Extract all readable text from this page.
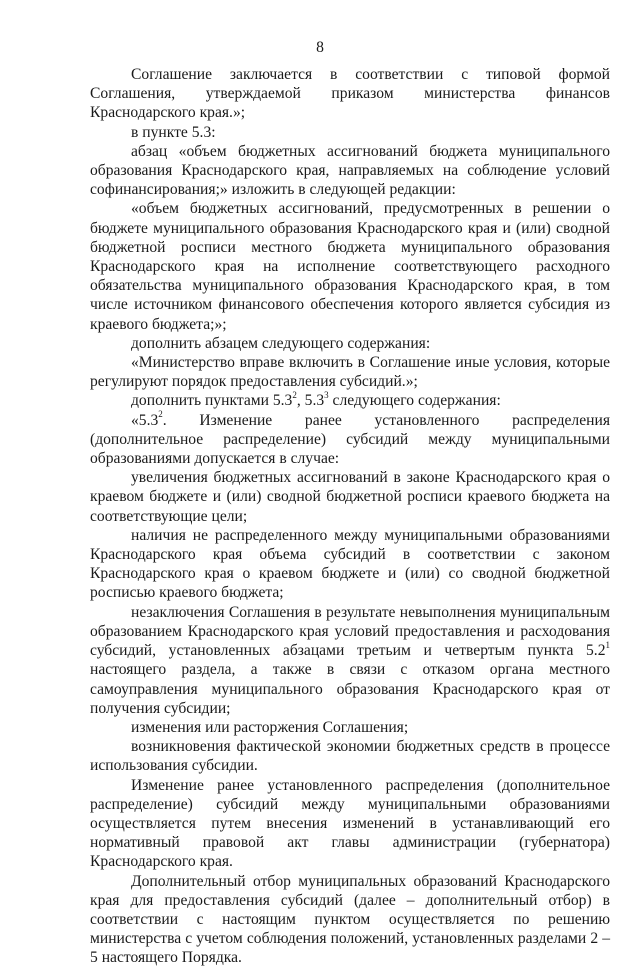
8

Соглашение заключается в соответствии с типовой формой Соглашения, утверждаемой приказом министерства финансов Краснодарского края.»;

в пункте 5.3:

абзац «объем бюджетных ассигнований бюджета муниципального образования Краснодарского края, направляемых на соблюдение условий софинансирования;» изложить в следующей редакции:

«объем бюджетных ассигнований, предусмотренных в решении о бюджете муниципального образования Краснодарского края и (или) сводной бюджетной росписи местного бюджета муниципального образования Краснодарского края на исполнение соответствующего расходного обязательства муниципального образования Краснодарского края, в том числе источником финансового обеспечения которого является субсидия из краевого бюджета;»;

дополнить абзацем следующего содержания:

«Министерство вправе включить в Соглашение иные условия, которые регулируют порядок предоставления субсидий.»;

дополнить пунктами $5.3^2$, $5.3^3$ следующего содержания:

«$5.3^2$. Изменение ранее установленного распределения (дополнительное распределение) субсидий между муниципальными образованиями допускается в случае:

увеличения бюджетных ассигнований в законе Краснодарского края о краевом бюджете и (или) сводной бюджетной росписи краевого бюджета на соответствующие цели;

наличия не распределенного между муниципальными образованиями Краснодарского края объема субсидий в соответствии с законом Краснодарского края о краевом бюджете и (или) со сводной бюджетной росписью краевого бюджета;

незаключения Соглашения в результате невыполнения муниципальным образованием Краснодарского края условий предоставления и расходования субсидий, установленных абзацами третьим и четвертым пункта $5.2^1$ настоящего раздела, а также в связи с отказом органа местного самоуправления муниципального образования Краснодарского края от получения субсидии;

изменения или расторжения Соглашения;

возникновения фактической экономии бюджетных средств в процессе использования субсидии.

Изменение ранее установленного распределения (дополнительное распределение) субсидий между муниципальными образованиями осуществляется путем внесения изменений в устанавливающий его нормативный правовой акт главы администрации (губернатора) Краснодарского края.

Дополнительный отбор муниципальных образований Краснодарского края для предоставления субсидий (далее – дополнительный отбор) в соответствии с настоящим пунктом осуществляется по решению министерства с учетом соблюдения положений, установленных разделами 2 – 5 настоящего Порядка.
